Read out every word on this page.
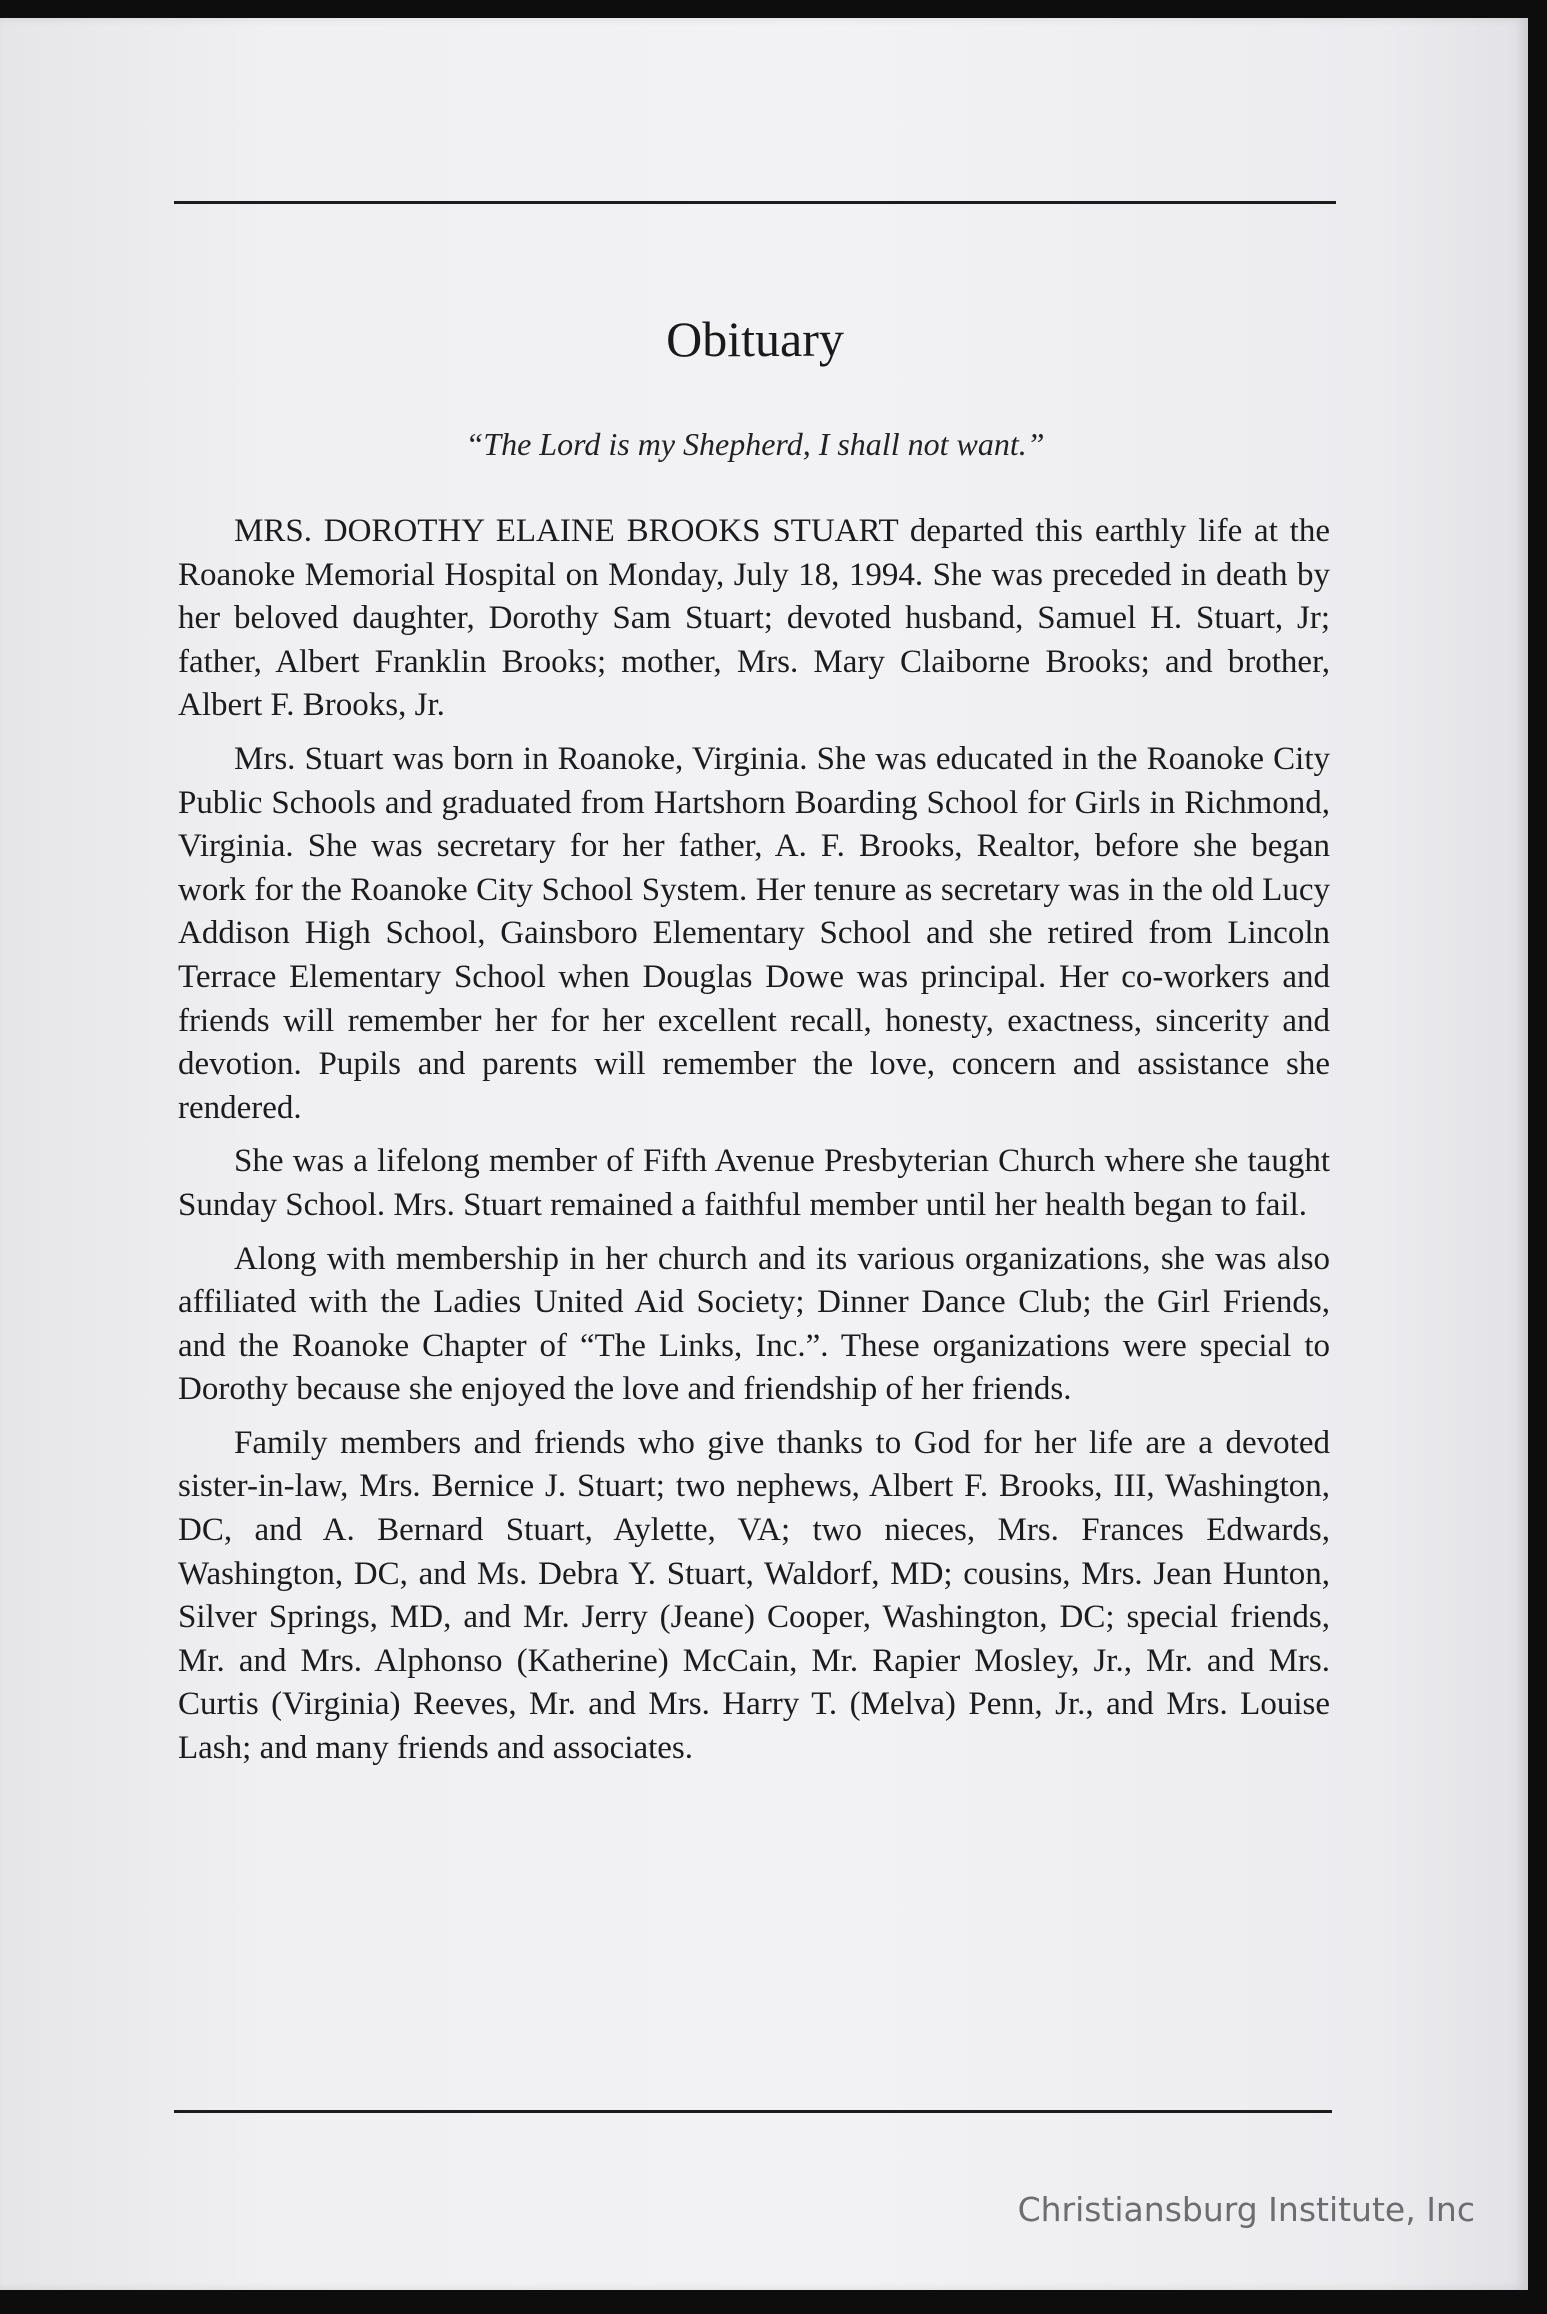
Obituary

“The Lord is my Shepherd, I shall not want.”

MRS. DOROTHY ELAINE BROOKS STUART departed this earthly life at the Roanoke Memorial Hospital on Monday, July 18, 1994. She was preceded in death by her beloved daughter, Dorothy Sam Stuart; devoted husband, Samuel H. Stuart, Jr; father, Albert Franklin Brooks; mother, Mrs. Mary Claiborne Brooks; and brother, Albert F. Brooks, Jr.

Mrs. Stuart was born in Roanoke, Virginia. She was educated in the Roanoke City Public Schools and graduated from Hartshorn Boarding School for Girls in Richmond, Virginia. She was secretary for her father, A. F. Brooks, Realtor, before she began work for the Roanoke City School System. Her tenure as secretary was in the old Lucy Addison High School, Gainsboro Elementary School and she retired from Lincoln Terrace Elementary School when Douglas Dowe was principal. Her co-workers and friends will remember her for her excellent recall, honesty, exactness, sincerity and devotion. Pupils and parents will remember the love, concern and assistance she rendered.

She was a lifelong member of Fifth Avenue Presbyterian Church where she taught Sunday School. Mrs. Stuart remained a faithful member until her health began to fail.

Along with membership in her church and its various organizations, she was also affiliated with the Ladies United Aid Society; Dinner Dance Club; the Girl Friends, and the Roanoke Chapter of “The Links, Inc.”. These organizations were special to Dorothy because she enjoyed the love and friendship of her friends.

Family members and friends who give thanks to God for her life are a devoted sister-in-law, Mrs. Bernice J. Stuart; two nephews, Albert F. Brooks, III, Washington, DC, and A. Bernard Stuart, Aylette, VA; two nieces, Mrs. Frances Edwards, Washington, DC, and Ms. Debra Y. Stuart, Waldorf, MD; cousins, Mrs. Jean Hunton, Silver Springs, MD, and Mr. Jerry (Jeane) Cooper, Washington, DC; special friends, Mr. and Mrs. Alphonso (Katherine) McCain, Mr. Rapier Mosley, Jr., Mr. and Mrs. Curtis (Virginia) Reeves, Mr. and Mrs. Harry T. (Melva) Penn, Jr., and Mrs. Louise Lash; and many friends and associates.

Christiansburg Institute, Inc
